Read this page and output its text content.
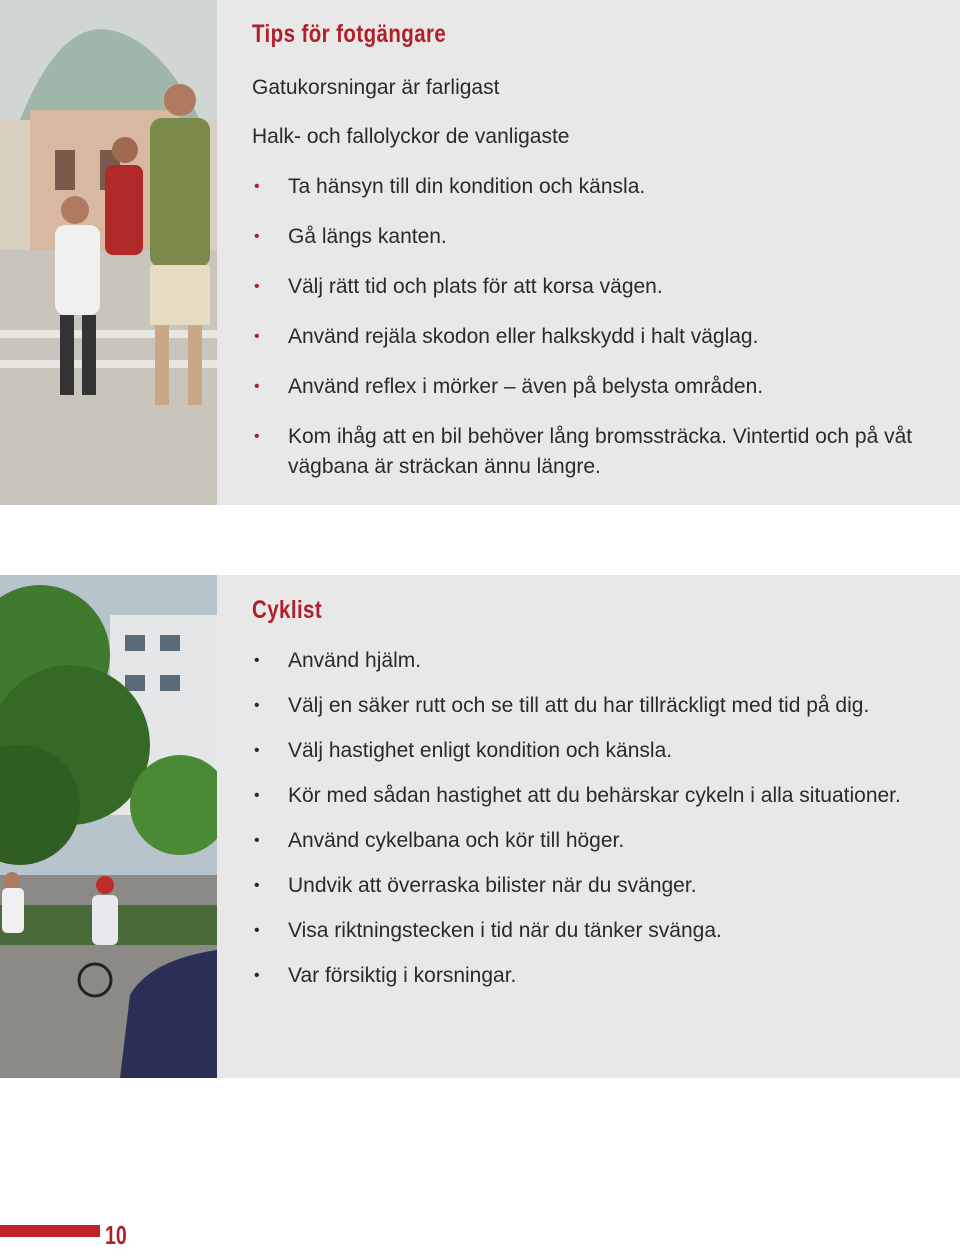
Tips för fotgängare

Gatukorsningar är farligast

Halk- och fallolyckor de vanligaste

• Ta hänsyn till din kondition och känsla.
• Gå längs kanten.
• Välj rätt tid och plats för att korsa vägen.
• Använd rejäla skodon eller halkskydd i halt väglag.
• Använd reflex i mörker – även på belysta områden.
• Kom ihåg att en bil behöver lång bromssträcka. Vintertid och på våt vägbana är sträckan ännu längre.
Cyklist
• Använd hjälm.
• Välj en säker rutt och se till att du har tillräckligt med tid på dig.
• Välj hastighet enligt kondition och känsla.
• Kör med sådan hastighet att du behärskar cykeln i alla situationer.
• Använd cykelbana och kör till höger.
• Undvik att överraska bilister när du svänger.
• Visa riktningstecken i tid när du tänker svänga.
• Var försiktig i korsningar.
10
